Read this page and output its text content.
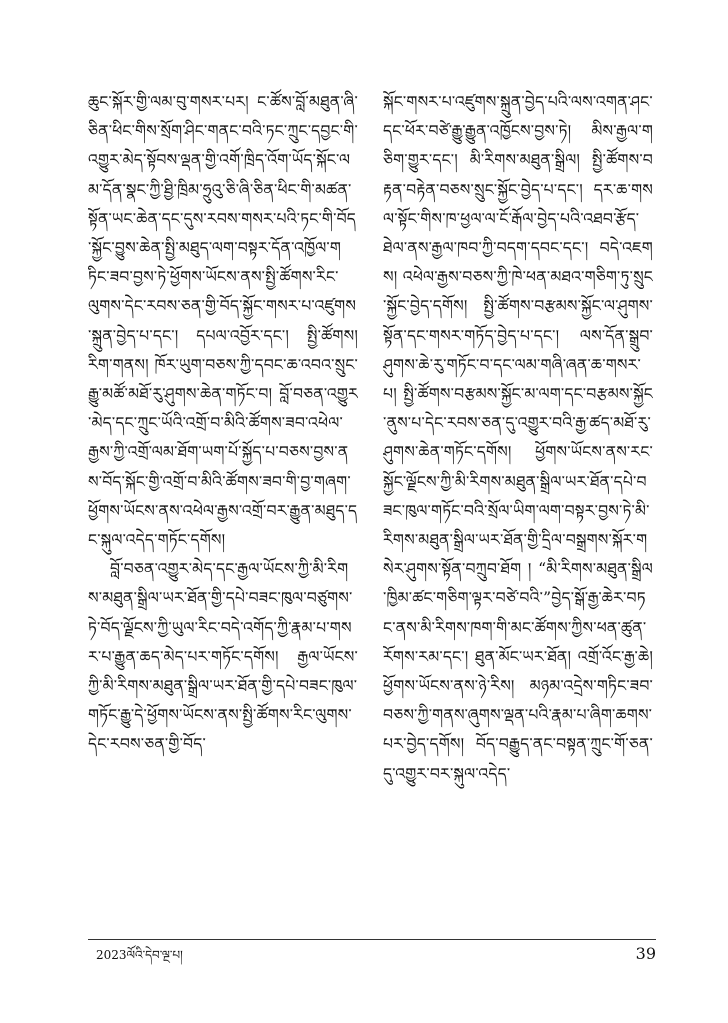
ཆུང་སྐོར་གྱི་ལམ་བུ་གསར་པར། ང་ཚོས་བློ་མཐུན་ཞི་ཅིན་ཕིང་གིས་སྲོག་ཤིང་གནང་བའི་ཏང་ཀྲུང་དབྱང་གི་འགྱུར་མེད་སྟོབས་ལྡན་གྱི་འགོ་ཁྲིད་འོག་ཡོད་སྐོང་ལམ་དོན་སྣང་ཀྱི་ཐྱི་ཁྲིམ་ཧྲུའུ་ཅི་ཞི་ཅིན་ཕིང་གི་མཚན་སྟོན་ཡང་ཆེན་དང་དུས་རབས་གསར་པའི་ཏང་གི་བོད་སྐྱོང་བྱུས་ཆེན་སྤྱི་མཐུད་ལག་བསྟར་དོན་འཁྱོལ་གཏིང་ཟབ་བྱས་ཏེ་ཕྱོགས་ཡོངས་ནས་སྤྱི་ཚོགས་རིང་ལུགས་དེང་རབས་ཅན་གྱི་བོད་སྐྱོང་གསར་པ་འཛུགས་སྐྲུན་བྱེད་པ་དང་། དཔལ་འབྱོར་དང་། སྤྱི་ཚོགས། རིག་གནས། ཁོར་ཡུག་བཅས་ཀྱི་དབང་ཆ་འབའ་སྲུང་རྒྱུ་མཚོ་མཐོ་རུ་ཤུགས་ཆེན་གཏོང་བ། བློ་བཅན་འགྱུར་མེད་དང་ཀྲུང་ཡོའི་འགྲོ་བ་མིའི་ཚོགས་ཟབ་འཕེལ་རྒྱས་ཀྱི་འགྲོ་ལམ་ཐོག་ཡག་པོ་སྐྱོད་པ་བཅས་བྱས་ནས་བོད་སྐོང་གྱི་འགྲོ་བ་མིའི་ཚོགས་ཟབ་གི་བྱ་གཞག་ཕྱོགས་ཡོངས་ནས་འཕེལ་རྒྱས་འགྲོ་བར་རྒྱུན་མཐུད་དང་སྐུལ་འདེད་གཏོང་དགོས།

བློ་བཅན་འགྱུར་མེད་དང་རྒྱལ་ཡོངས་ཀྱི་མི་རིགས་མཐུན་སྒྲིལ་ཡར་ཐོན་གྱི་དཔེ་བཟང་ཁུལ་བཙུགས་ཏེ་བོད་ལྗོངས་ཀྱི་ཡུལ་རིང་བདེ་འགོད་ཀྱི་རྣམ་པ་གསར་པ་རྒྱུན་ཆད་མེད་པར་གཏོང་དགོས། རྒྱལ་ཡོངས་ཀྱི་མི་རིགས་མཐུན་སྒྲིལ་ཡར་ཐོན་གྱི་དཔེ་བཟང་ཁུལ་གཏོང་རྒྱུ་དེ་ཕྱོགས་ཡོངས་ནས་སྤྱི་ཚོགས་རིང་ལུགས་དེང་རབས་ཅན་གྱི་བོད་

སྐོང་གསར་པ་འཛུགས་སྐྲུན་བྱེད་པའི་ལས་འགན་ཤང་དང་ཕོར་བཙེ་རྒྱུ་རྒྱུན་འཁྱོངས་བྱས་ཏེ། མིས་རྒྱལ་གཅིག་གྱུར་དང་། མི་རིགས་མཐུན་སྒྲིལ། སྤྱི་ཚོགས་བརྟན་བརྟེན་བཅས་སྲུང་སྐྱོང་བྱེད་པ་དང་། དར་ཆ་གསལ་སྟོང་གིས་ཁ་ཕྱལ་ལ་ངོ་རྒོལ་བྱེད་པའི་འཐབ་རྩོད་ཐེལ་ནས་རྒྱལ་ཁབ་ཀྱི་བདག་དབང་དང་། བདེ་འཇགས། འཕེལ་རྒྱས་བཅས་ཀྱི་ཁེ་ཕན་མཐའ་གཅིག་ཏུ་སྲུང་སྐྱོང་བྱེད་དགོས། སྤྱི་ཚོགས་བརྩམས་སྐྱོང་ལ་ཤུགས་སྟོན་དང་གསར་གཏོད་བྱེད་པ་དང་། ལས་དོན་སྒྲུབ་ཤུགས་ཆེ་རུ་གཏོང་བ་དང་ལམ་གཞི་ཞན་ཆ་གསར་པ། སྤྱི་ཚོགས་བརྩམས་སྐྱོང་མ་ལག་དང་བརྩམས་སྐྱོང་ནུས་པ་དེང་རབས་ཅན་དུ་འགྱུར་བའི་རྒྱ་ཚད་མཐོ་རུ་ཤུགས་ཆེན་གཏོང་དགོས། ཕྱོགས་ཡོངས་ནས་རང་སྐྱོང་ལྗོངས་ཀྱི་མི་རིགས་མཐུན་སྒྲིལ་ཡར་ཐོན་དཔེ་བཟང་ཁུལ་གཏོང་བའི་སྲོལ་ཡིག་ལག་བསྟར་བྱས་ཏེ་མི་རིགས་མཐུན་སྒྲིལ་ཡར་ཐོན་གྱི་དྲིལ་བསྒྲགས་སྐོར་གསེར་ཤུགས་སྟོན་བཀྲུབ་ཐོག ། “མི་རིགས་མཐུན་སྒྲིལ་ཁྱིམ་ཚང་གཅིག་ལྟར་བཙེ་བའི་”བྱེད་སྒོ་རྒྱ་ཆེར་བཏང་ནས་མི་རིགས་ཁག་གི་མང་ཚོགས་ཀྱིས་ཕན་ཚུན་རོགས་རམ་དང་། ཐུན་མོང་ཡར་ཐོན། འགྲོ་འོང་རྒྱ་ཆེ། ཕྱོགས་ཡོངས་ནས་ཉེ་རིས། མཉམ་འདྲེས་གཏིང་ཟབ་བཅས་ཀྱི་གནས་ཞུགས་ལྡན་པའི་རྣམ་པ་ཞིག་ཆགས་པར་བྱེད་དགོས། བོད་བརྒྱུད་ནང་བསྟན་ཀྲུང་གོ་ཅན་དུ་འགྱུར་བར་སྐུལ་འདེད་

2023ལོའི་དེབ་ལྔ་པ།	39
